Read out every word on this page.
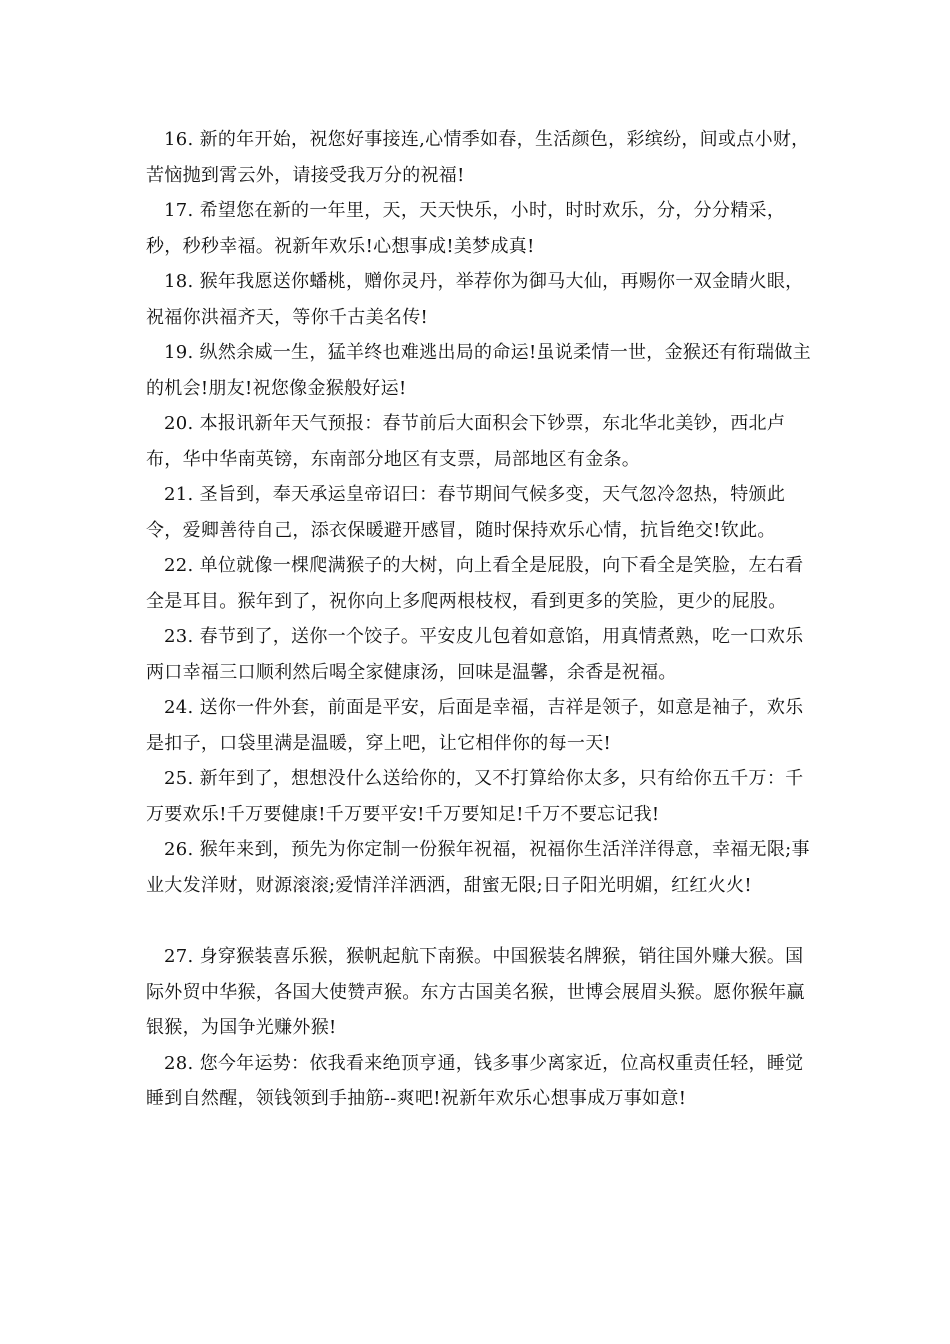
16. 新的年开始，祝您好事接连,心情季如春，生活颜色，彩缤纷，间或点小财，苦恼抛到霄云外，请接受我万分的祝福!

17. 希望您在新的一年里，天，天天快乐，小时，时时欢乐，分，分分精采，秒，秒秒幸福。祝新年欢乐!心想事成!美梦成真!

18. 猴年我愿送你蟠桃，赠你灵丹，举荐你为御马大仙，再赐你一双金睛火眼，祝福你洪福齐天，等你千古美名传!

19. 纵然余威一生，猛羊终也难逃出局的命运!虽说柔情一世，金猴还有衔瑞做主的机会!朋友!祝您像金猴般好运!

20. 本报讯新年天气预报：春节前后大面积会下钞票，东北华北美钞，西北卢布，华中华南英镑，东南部分地区有支票，局部地区有金条。

21. 圣旨到，奉天承运皇帝诏曰：春节期间气候多变，天气忽冷忽热，特颁此令，爱卿善待自己，添衣保暖避开感冒，随时保持欢乐心情，抗旨绝交!钦此。

22. 单位就像一棵爬满猴子的大树，向上看全是屁股，向下看全是笑脸，左右看全是耳目。猴年到了，祝你向上多爬两根枝杈，看到更多的笑脸，更少的屁股。

23. 春节到了，送你一个饺子。平安皮儿包着如意馅，用真情煮熟，吃一口欢乐两口幸福三口顺利然后喝全家健康汤，回味是温馨，余香是祝福。

24. 送你一件外套，前面是平安，后面是幸福，吉祥是领子，如意是袖子，欢乐是扣子，口袋里满是温暖，穿上吧，让它相伴你的每一天!

25. 新年到了，想想没什么送给你的，又不打算给你太多，只有给你五千万：千万要欢乐!千万要健康!千万要平安!千万要知足!千万不要忘记我!

26. 猴年来到，预先为你定制一份猴年祝福，祝福你生活洋洋得意，幸福无限;事业大发洋财，财源滚滚;爱情洋洋洒洒，甜蜜无限;日子阳光明媚，红红火火!

27. 身穿猴装喜乐猴，猴帆起航下南猴。中国猴装名牌猴，销往国外赚大猴。国际外贸中华猴，各国大使赞声猴。东方古国美名猴，世博会展眉头猴。愿你猴年赢银猴，为国争光赚外猴!

28. 您今年运势：依我看来绝顶亨通，钱多事少离家近，位高权重责任轻，睡觉睡到自然醒，领钱领到手抽筋--爽吧!祝新年欢乐心想事成万事如意!
